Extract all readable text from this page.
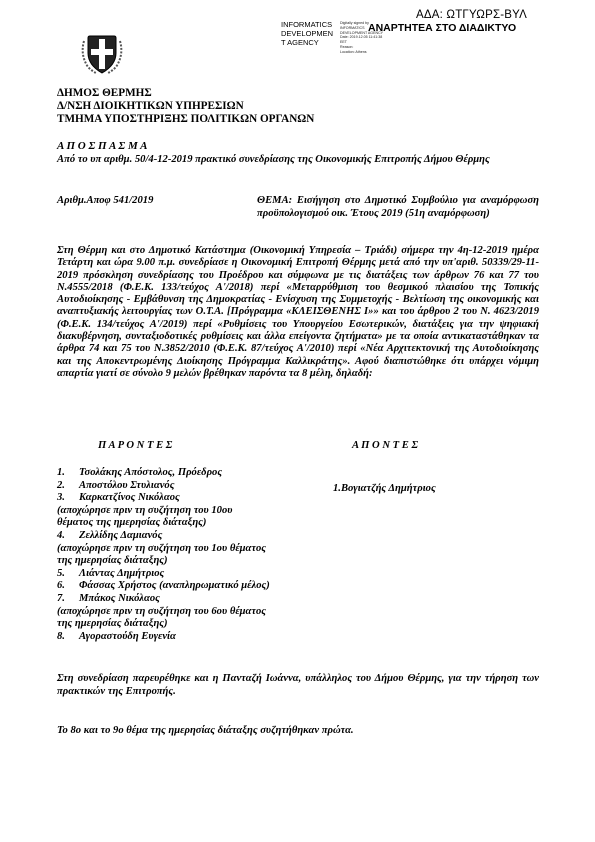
ΑΔΑ: ΩΤΓΥΩΡΣ-ΒΥΛ
INFORMATICS
DEVELOPMEN
T AGENCY
Digitally signed by
INFORMATICS
DEVELOPMENT AGENCY
Date: 2019.12.05 11:41:38
EET
Reason:
Location: Athens
ΑΝΑΡΤΗΤΕΑ ΣΤΟ ΔΙΑΔΙΚΤΥΟ
ΔΗΜΟΣ ΘΕΡΜΗΣ
Δ/ΝΣΗ ΔΙΟΙΚΗΤΙΚΩΝ ΥΠΗΡΕΣΙΩΝ
ΤΜΗΜΑ ΥΠΟΣΤΗΡΙΞΗΣ ΠΟΛΙΤΙΚΩΝ ΟΡΓΑΝΩΝ
Α Π Ο Σ Π Α Σ Μ Α

Από το υπ αριθμ. 50/4-12-2019 πρακτικό συνεδρίασης της Οικονομικής Επιτροπής Δήμου Θέρμης

Αριθμ.Αποφ 541/2019	ΘΕΜΑ: Εισήγηση στο Δημοτικό Συμβούλιο για αναμόρφωση προϋπολογισμού οικ. Έτους 2019 (51η αναμόρφωση)

Στη Θέρμη και στο Δημοτικό Κατάστημα (Οικονομική Υπηρεσία – Τριάδι) σήμερα την 4η-12-2019 ημέρα Τετάρτη και ώρα 9.00 π.μ. συνεδρίασε η Οικονομική Επιτροπή Θέρμης μετά από την υπ'αριθ. 50339/29-11-2019 πρόσκληση συνεδρίασης του Προέδρου και σύμφωνα με τις διατάξεις των άρθρων 76 και 77 του Ν.4555/2018 (Φ.Ε.Κ. 133/τεύχος Α'/2018) περί «Μεταρρύθμιση του θεσμικού πλαισίου της Τοπικής Αυτοδιοίκησης - Εμβάθυνση της Δημοκρατίας - Ενίσχυση της Συμμετοχής - Βελτίωση της οικονομικής και αναπτυξιακής λειτουργίας των Ο.Τ.Α. [Πρόγραμμα «ΚΛΕΙΣΘΕΝΗΣ Ι»» και του άρθρου 2 του Ν. 4623/2019 (Φ.Ε.Κ. 134/τεύχος Α'/2019) περί «Ρυθμίσεις του Υπουργείου Εσωτερικών, διατάξεις για την ψηφιακή διακυβέρνηση, συνταξιοδοτικές ρυθμίσεις και άλλα επείγοντα ζητήματα» με τα οποία αντικαταστάθηκαν τα άρθρα 74 και 75 του Ν.3852/2010 (Φ.Ε.Κ. 87/τεύχος Α'/2010) περί «Νέα Αρχιτεκτονική της Αυτοδιοίκησης και της Αποκεντρωμένης Διοίκησης Πρόγραμμα Καλλικράτης». Αφού διαπιστώθηκε ότι υπάρχει νόμιμη απαρτία γιατί σε σύνολο 9 μελών βρέθηκαν παρόντα τα 8 μέλη, δηλαδή:

Π Α Ρ Ο Ν Τ Ε Σ	Α Π Ο Ν Τ Ε Σ
1. Τσολάκης Απόστολος, Πρόεδρος
2. Αποστόλου Στυλιανός
3. Καρκατζίνος Νικόλαος
(αποχώρησε πριν τη συζήτηση του 10ου θέματος της ημερησίας διάταξης)
4. Ζελλίδης Δαμιανός
(αποχώρησε πριν τη συζήτηση του 1ου θέματος της ημερησίας διάταξης)
5. Λιάντας Δημήτριος
6. Φάσσας Χρήστος (αναπληρωματικό μέλος)
7. Μπάκος Νικόλαος
(αποχώρησε πριν τη συζήτηση του 6ου θέματος της ημερησίας διάταξης)
8. Αγοραστούδη Ευγενία
1.Βογιατζής Δημήτριος

Στη συνεδρίαση παρευρέθηκε και η Πανταζή Ιωάννα, υπάλληλος του Δήμου Θέρμης, για την τήρηση των πρακτικών της Επιτροπής.

Το 8ο και το 9ο θέμα της ημερησίας διάταξης συζητήθηκαν πρώτα.
